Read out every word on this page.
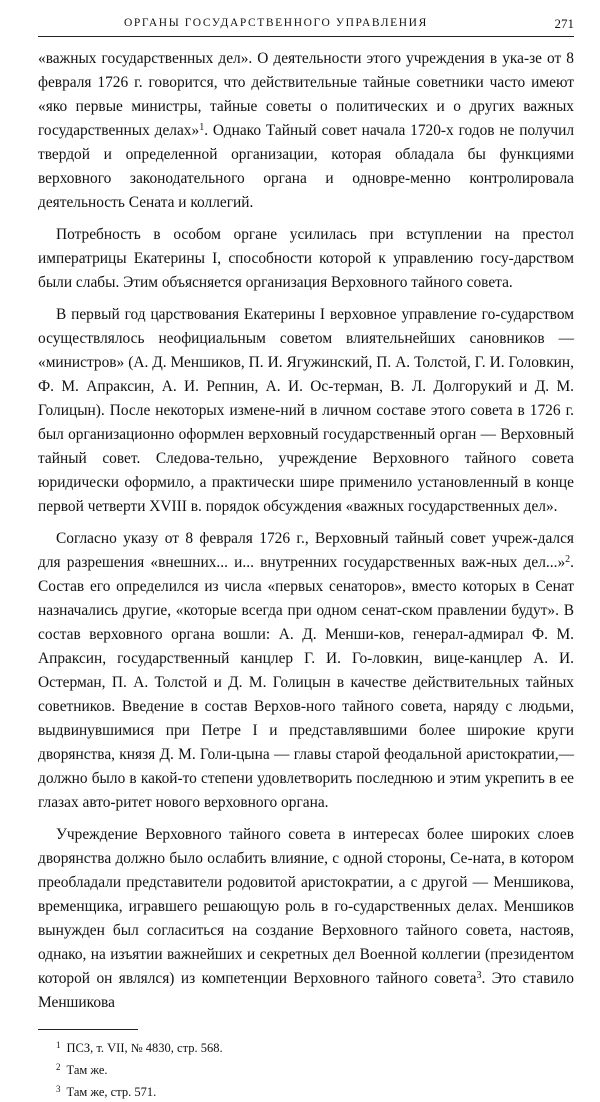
ОРГАНЫ ГОСУДАРСТВЕННОГО УПРАВЛЕНИЯ	271

«важных государственных дел». О деятельности этого учреждения в ука-зе от 8 февраля 1726 г. говорится, что действительные тайные советники часто имеют «яко первые министры, тайные советы о политических и о других важных государственных делах»$^1$. Однако Тайный совет начала 1720-х годов не получил твердой и определенной организации, которая обладала бы функциями верховного законодательного органа и одновре-менно контролировала деятельность Сената и коллегий.

Потребность в особом органе усилилась при вступлении на престол императрицы Екатерины I, способности которой к управлению госу-дарством были слабы. Этим объясняется организация Верховного тайного совета.

В первый год царствования Екатерины I верховное управление го-сударством осуществлялось неофициальным советом влиятельнейших сановников — «министров» (А. Д. Меншиков, П. И. Ягужинский, П. А. Толстой, Г. И. Головкин, Ф. М. Апраксин, А. И. Репнин, А. И. Ос-терман, В. Л. Долгорукий и Д. М. Голицын). После некоторых измене-ний в личном составе этого совета в 1726 г. был организационно оформлен верховный государственный орган — Верховный тайный совет. Следова-тельно, учреждение Верховного тайного совета юридически оформило, а практически шире применило установленный в конце первой четверти XVIII в. порядок обсуждения «важных государственных дел».

Согласно указу от 8 февраля 1726 г., Верховный тайный совет учреж-дался для разрешения «внешних... и... внутренних государственных важ-ных дел...»$^2$. Состав его определился из числа «первых сенаторов», вместо которых в Сенат назначались другие, «которые всегда при одном сенат-ском правлении будут». В состав верховного органа вошли: А. Д. Менши-ков, генерал-адмирал Ф. М. Апраксин, государственный канцлер Г. И. Го-ловкин, вице-канцлер А. И. Остерман, П. А. Толстой и Д. М. Голицын в качестве действительных тайных советников. Введение в состав Верхов-ного тайного совета, наряду с людьми, выдвинувшимися при Петре I и представлявшими более широкие круги дворянства, князя Д. М. Голи-цына — главы старой феодальной аристократии,— должно было в какой-то степени удовлетворить последнюю и этим укрепить в ее глазах авто-ритет нового верховного органа.

Учреждение Верховного тайного совета в интересах более широких слоев дворянства должно было ослабить влияние, с одной стороны, Се-ната, в котором преобладали представители родовитой аристократии, а с другой — Меншикова, временщика, игравшего решающую роль в го-сударственных делах. Меншиков вынужден был согласиться на создание Верховного тайного совета, настояв, однако, на изъятии важнейших и секретных дел Военной коллегии (президентом которой он являлся) из компетенции Верховного тайного совета$^3$. Это ставило Меншикова

$^1$ ПСЗ, т. VII, № 4830, стр. 568.
$^2$ Там же.
$^3$ Там же, стр. 571.
